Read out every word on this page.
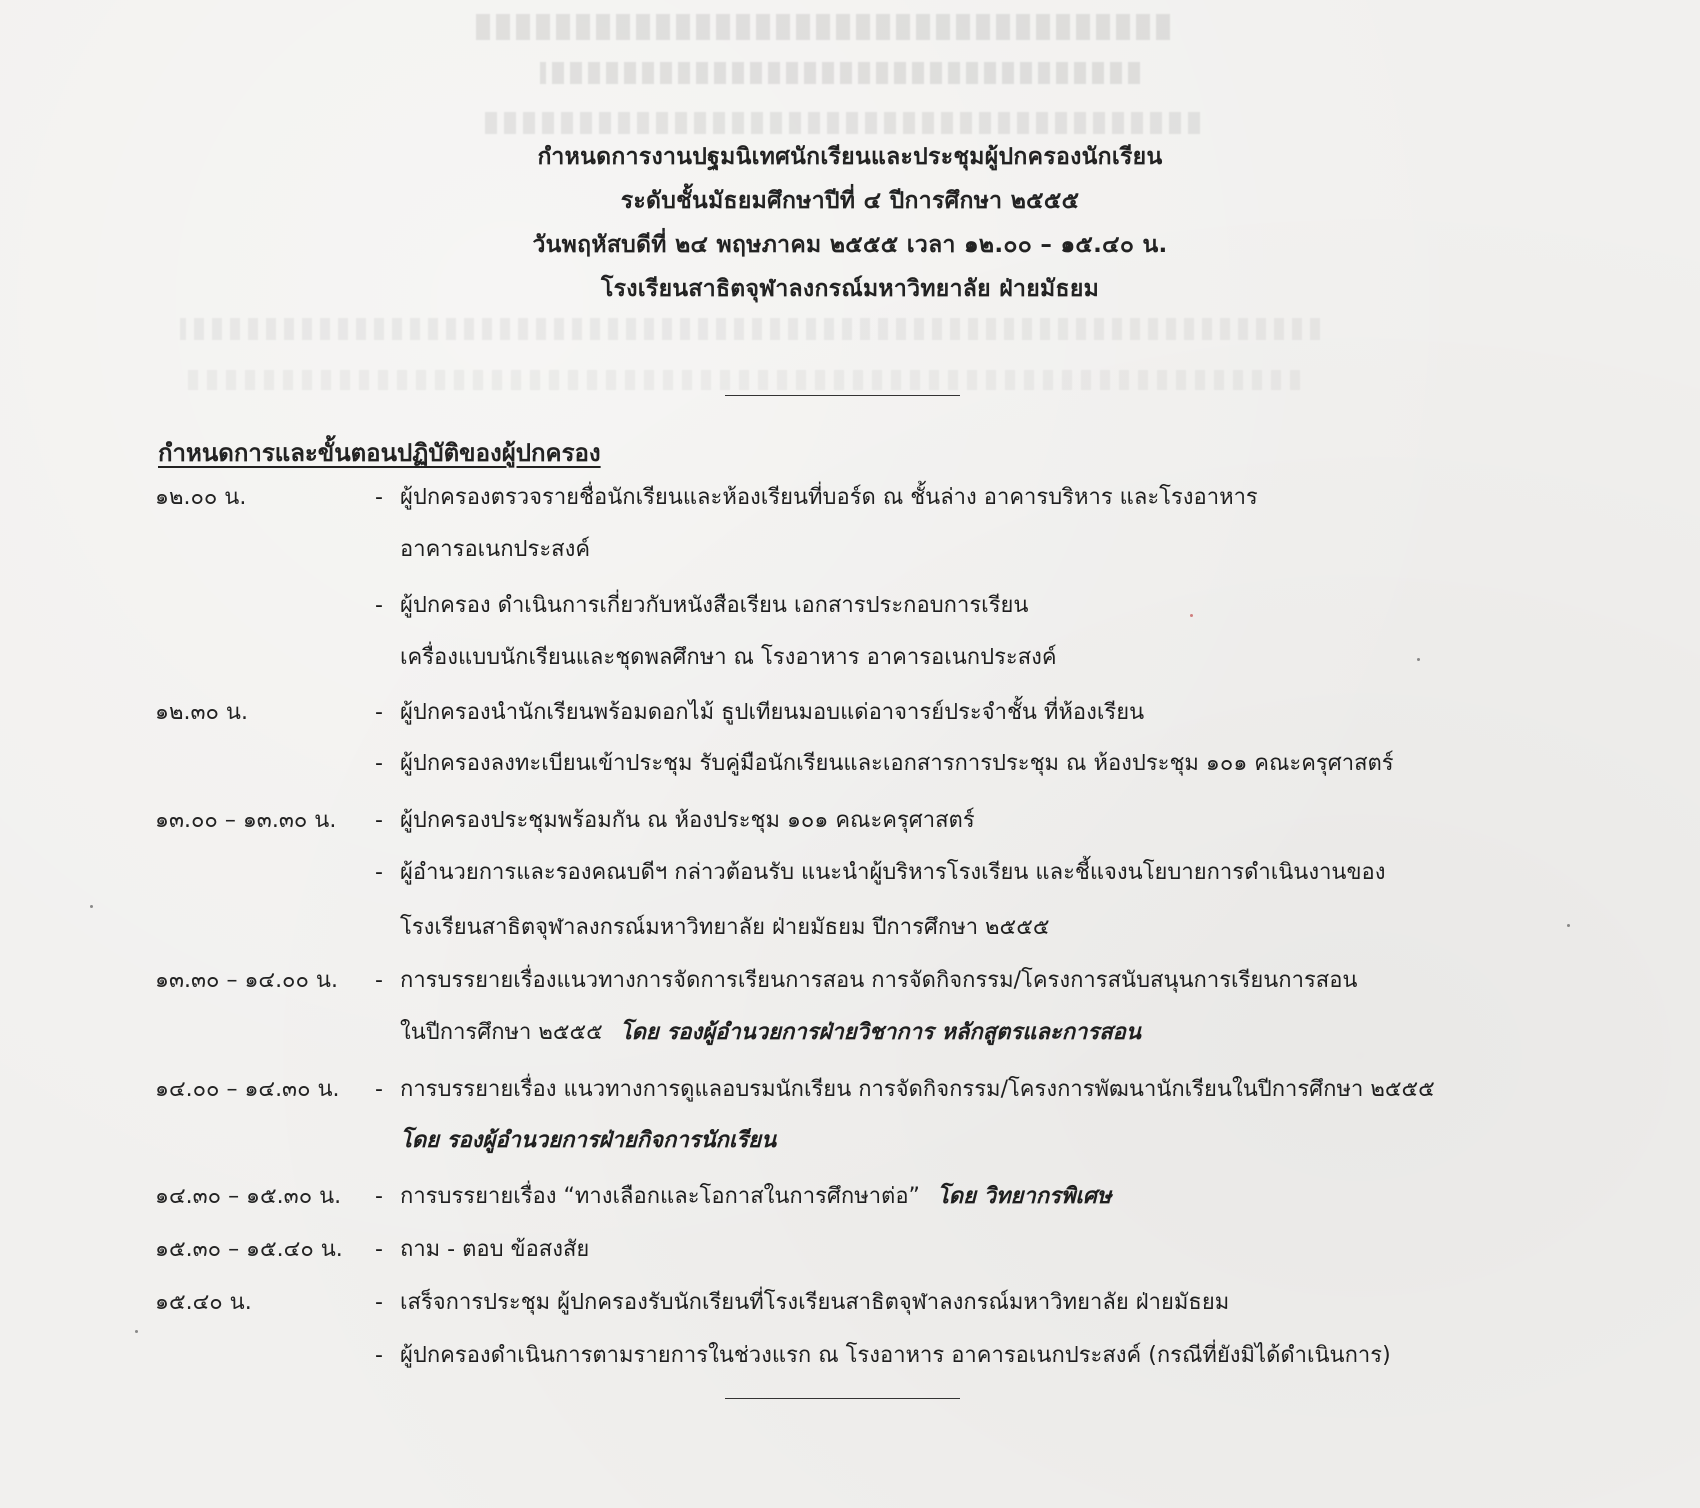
กำหนดการงานปฐมนิเทศนักเรียนและประชุมผู้ปกครองนักเรียน
ระดับชั้นมัธยมศึกษาปีที่ ๔ ปีการศึกษา ๒๕๕๕
วันพฤหัสบดีที่ ๒๔ พฤษภาคม ๒๕๕๕ เวลา ๑๒.๐๐ – ๑๕.๔๐ น.
โรงเรียนสาธิตจุฬาลงกรณ์มหาวิทยาลัย ฝ่ายมัธยม
กำหนดการและขั้นตอนปฏิบัติของผู้ปกครอง
๑๒.๐๐ น.	- ผู้ปกครองตรวจรายชื่อนักเรียนและห้องเรียนที่บอร์ด ณ ชั้นล่าง อาคารบริหาร และโรงอาหาร
อาคารอเนกประสงค์
- ผู้ปกครอง ดำเนินการเกี่ยวกับหนังสือเรียน เอกสารประกอบการเรียน
เครื่องแบบนักเรียนและชุดพลศึกษา ณ โรงอาหาร อาคารอเนกประสงค์
๑๒.๓๐ น.	- ผู้ปกครองนำนักเรียนพร้อมดอกไม้ ธูปเทียนมอบแด่อาจารย์ประจำชั้น ที่ห้องเรียน
- ผู้ปกครองลงทะเบียนเข้าประชุม รับคู่มือนักเรียนและเอกสารการประชุม ณ ห้องประชุม ๑๐๑ คณะครุศาสตร์
๑๓.๐๐ – ๑๓.๓๐ น. - ผู้ปกครองประชุมพร้อมกัน ณ ห้องประชุม ๑๐๑ คณะครุศาสตร์
- ผู้อำนวยการและรองคณบดีฯ กล่าวต้อนรับ แนะนำผู้บริหารโรงเรียน และชี้แจงนโยบายการดำเนินงานของ
โรงเรียนสาธิตจุฬาลงกรณ์มหาวิทยาลัย ฝ่ายมัธยม ปีการศึกษา ๒๕๕๕
๑๓.๓๐ – ๑๔.๐๐ น. - การบรรยายเรื่องแนวทางการจัดการเรียนการสอน การจัดกิจกรรม/โครงการสนับสนุนการเรียนการสอน
ในปีการศึกษา ๒๕๕๕ โดย รองผู้อำนวยการฝ่ายวิชาการ หลักสูตรและการสอน
๑๔.๐๐ – ๑๔.๓๐ น. - การบรรยายเรื่อง แนวทางการดูแลอบรมนักเรียน การจัดกิจกรรม/โครงการพัฒนานักเรียนในปีการศึกษา ๒๕๕๕
โดย รองผู้อำนวยการฝ่ายกิจการนักเรียน
๑๔.๓๐ – ๑๕.๓๐ น. - การบรรยายเรื่อง “ทางเลือกและโอกาสในการศึกษาต่อ” โดย วิทยากรพิเศษ
๑๕.๓๐ – ๑๕.๔๐ น. - ถาม - ตอบ ข้อสงสัย
๑๕.๔๐ น.	- เสร็จการประชุม ผู้ปกครองรับนักเรียนที่โรงเรียนสาธิตจุฬาลงกรณ์มหาวิทยาลัย ฝ่ายมัธยม
- ผู้ปกครองดำเนินการตามรายการในช่วงแรก ณ โรงอาหาร อาคารอเนกประสงค์ (กรณีที่ยังมิได้ดำเนินการ)
